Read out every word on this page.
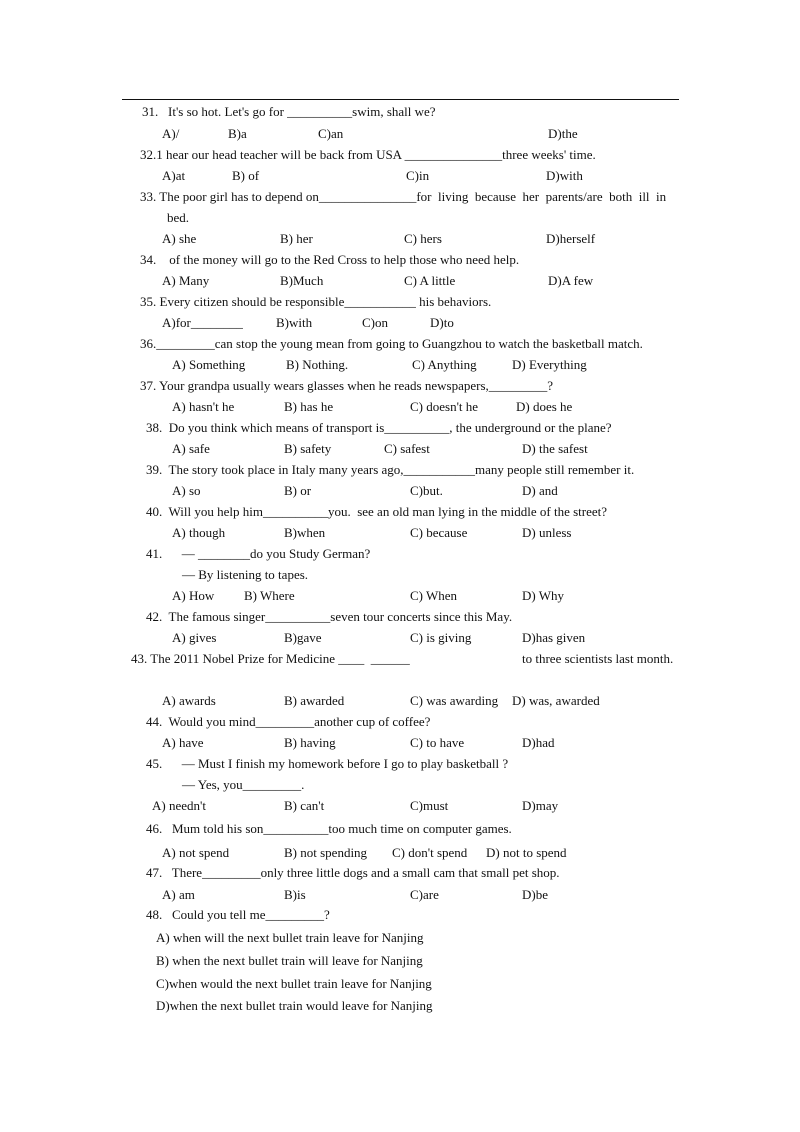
31.   It's so hot. Let's go for __________swim, shall we?
A)/	B)a	C)an	D)the
32.1 hear our head teacher will be back from USA _______________three weeks' time.
A)at	B) of	C)in	D)with
33. The poor girl has to depend on_______________for  living  because  her  parents/are  both  ill  in
bed.
A) she	B) her	C) hers	D)herself
34.    of the money will go to the Red Cross to help those who need help.
A) Many	B)Much	C) A little	D)A few
35. Every citizen should be responsible___________ his behaviors.
A)for________	B)with	C)on	D)to
36._________can stop the young mean from going to Guangzhou to watch the basketball match.
A) Something	B) Nothing.	C) Anything	D) Everything
37. Your grandpa usually wears glasses when he reads newspapers,_________?
A) hasn't he	B) has he	C) doesn't he	D) does he
38.  Do you think which means of transport is__________, the underground or the plane?
A) safe	B) safety	C) safest	D) the safest
39.  The story took place in Italy many years ago,___________many people still remember it.
A) so	B) or	C)but.	D) and
40.  Will you help him__________you.  see an old man lying in the middle of the street?
A) though	B)when	C) because	D) unless
41.      — ________do you Study German?
— By listening to tapes.
A) How B) Where	C) When	D) Why
42.  The famous singer__________seven tour concerts since this May.
A) gives	B)gave	C) is giving	D)has given
43. The 2011 Nobel Prize for Medicine ____  ______	to three scientists last month.
A) awards	B) awarded	C) was awarding D) was, awarded
44.  Would you mind_________another cup of coffee?
A) have	B) having	C) to have	D)had
45.      — Must I finish my homework before I go to play basketball ?
— Yes, you_________.
A) needn't	B) can't	C)must	D)may
46.   Mum told his son__________too much time on computer games.
A) not spend	B) not spending C) don't spend D) not to spend
47.   There_________only three little dogs and a small cam that small pet shop.
A) am	B)is	C)are	D)be
48.   Could you tell me_________?
A) when will the next bullet train leave for Nanjing
B) when the next bullet train will leave for Nanjing
C)when would the next bullet train leave for Nanjing
D)when the next bullet train would leave for Nanjing
